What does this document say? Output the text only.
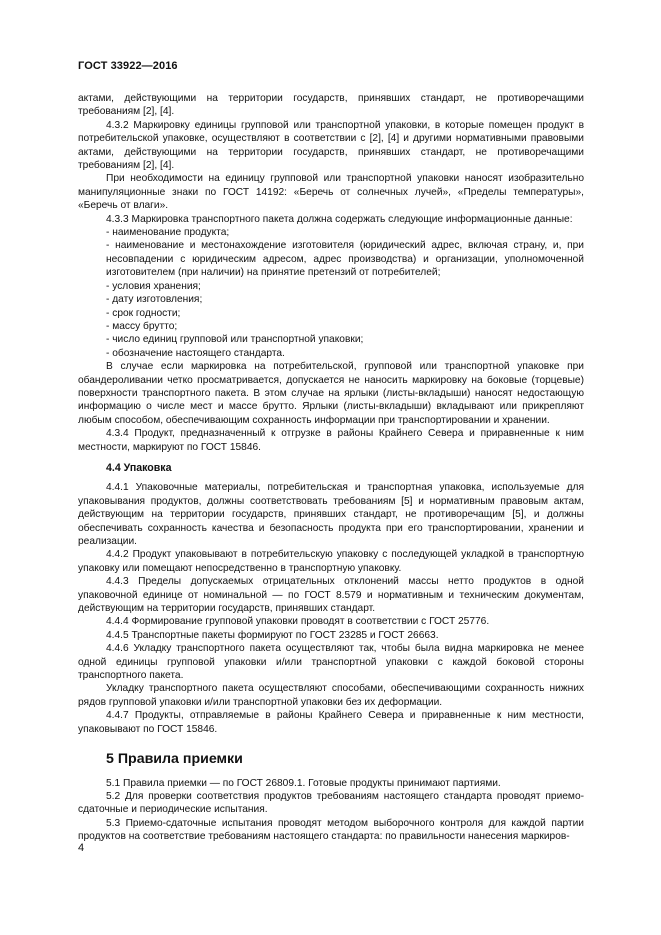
ГОСТ 33922—2016

актами, действующими на территории государств, принявших стандарт, не противоречащими требованиям [2], [4].

4.3.2 Маркировку единицы групповой или транспортной упаковки, в которые помещен продукт в потребительской упаковке, осуществляют в соответствии с [2], [4] и другими нормативными правовыми актами, действующими на территории государств, принявших стандарт, не противоречащими требованиям [2], [4].

При необходимости на единицу групповой или транспортной упаковки наносят изобразительно манипуляционные знаки по ГОСТ 14192: «Беречь от солнечных лучей», «Пределы температуры», «Беречь от влаги».

4.3.3 Маркировка транспортного пакета должна содержать следующие информационные данные:

- наименование продукта;

- наименование и местонахождение изготовителя (юридический адрес, включая страну, и, при несовпадении с юридическим адресом, адрес производства) и организации, уполномоченной изготовителем (при наличии) на принятие претензий от потребителей;

- условия хранения;

- дату изготовления;

- срок годности;

- массу брутто;

- число единиц групповой или транспортной упаковки;

- обозначение настоящего стандарта.

В случае если маркировка на потребительской, групповой или транспортной упаковке при обандероливании четко просматривается, допускается не наносить маркировку на боковые (торцевые) поверхности транспортного пакета. В этом случае на ярлыки (листы-вкладыши) наносят недостающую информацию о числе мест и массе брутто. Ярлыки (листы-вкладыши) вкладывают или прикрепляют любым способом, обеспечивающим сохранность информации при транспортировании и хранении.

4.3.4 Продукт, предназначенный к отгрузке в районы Крайнего Севера и приравненные к ним местности, маркируют по ГОСТ 15846.

4.4 Упаковка

4.4.1 Упаковочные материалы, потребительская и транспортная упаковка, используемые для упаковывания продуктов, должны соответствовать требованиям [5] и нормативным правовым актам, действующим на территории государств, принявших стандарт, не противоречащим [5], и должны обеспечивать сохранность качества и безопасность продукта при его транспортировании, хранении и реализации.

4.4.2 Продукт упаковывают в потребительскую упаковку с последующей укладкой в транспортную упаковку или помещают непосредственно в транспортную упаковку.

4.4.3 Пределы допускаемых отрицательных отклонений массы нетто продуктов в одной упаковочной единице от номинальной — по ГОСТ 8.579 и нормативным и техническим документам, действующим на территории государств, принявших стандарт.

4.4.4 Формирование групповой упаковки проводят в соответствии с ГОСТ 25776.

4.4.5 Транспортные пакеты формируют по ГОСТ 23285 и ГОСТ 26663.

4.4.6 Укладку транспортного пакета осуществляют так, чтобы была видна маркировка не менее одной единицы групповой упаковки и/или транспортной упаковки с каждой боковой стороны транспортного пакета.

Укладку транспортного пакета осуществляют способами, обеспечивающими сохранность нижних рядов групповой упаковки и/или транспортной упаковки без их деформации.

4.4.7 Продукты, отправляемые в районы Крайнего Севера и приравненные к ним местности, упаковывают по ГОСТ 15846.

5 Правила приемки

5.1 Правила приемки — по ГОСТ 26809.1. Готовые продукты принимают партиями.

5.2 Для проверки соответствия продуктов требованиям настоящего стандарта проводят приемо-сдаточные и периодические испытания.

5.3 Приемо-сдаточные испытания проводят методом выборочного контроля для каждой партии продуктов на соответствие требованиям настоящего стандарта: по правильности нанесения маркиров-

4
